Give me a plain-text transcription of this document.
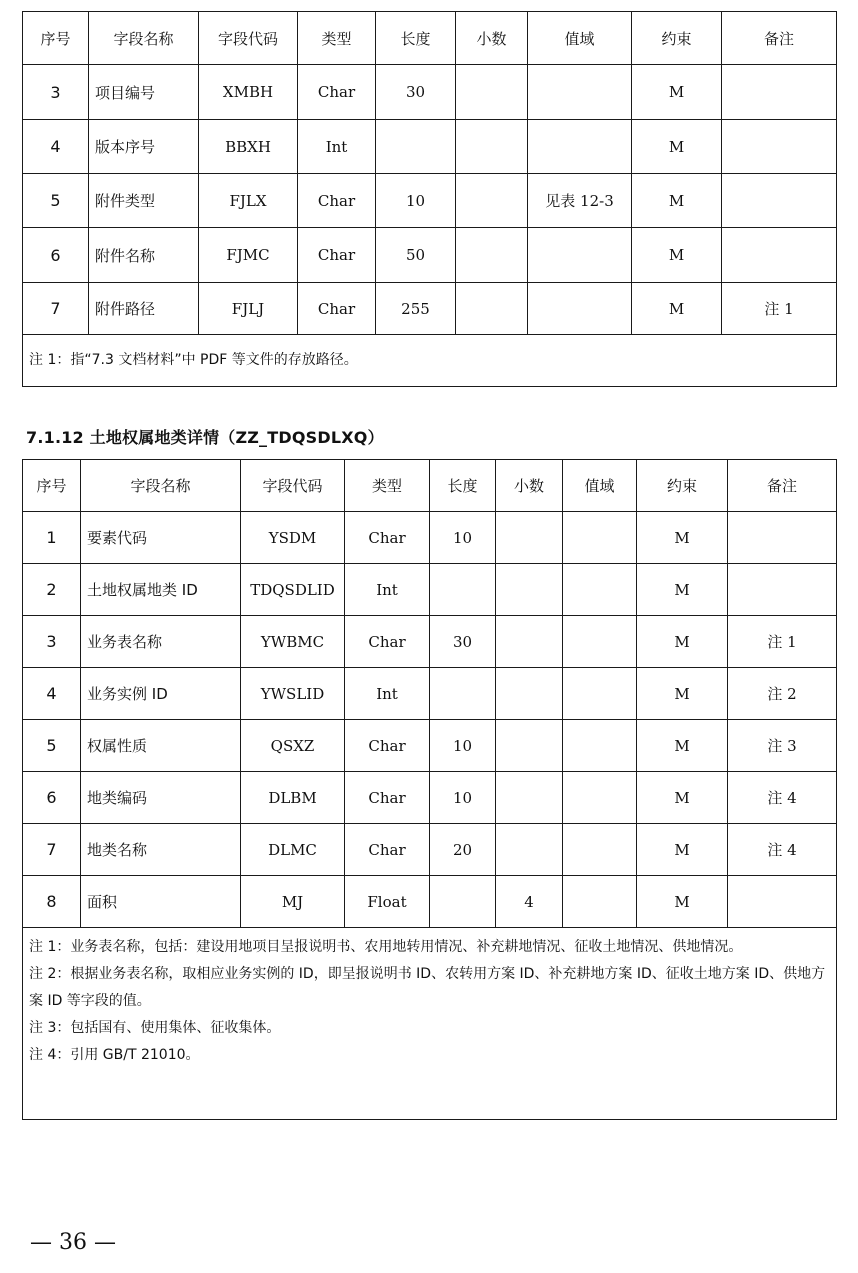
序号	字段名称	字段代码	类型	长度	小数	值域	约束	备注
3	项目编号	XMBH	Char	30			M	
4	版本序号	BBXH	Int				M	
5	附件类型	FJLX	Char	10		见表 12-3	M	
6	附件名称	FJMC	Char	50			M	
7	附件路径	FJLJ	Char	255			M	注 1

注 1：指“7.3 文档材料”中 PDF 等文件的存放路径。								
7.1.12 土地权属地类详情（ZZ_TDQSDLXQ）
序号	字段名称	字段代码	类型	长度	小数	值域	约束	备注
1	要素代码	YSDM	Char	10			M	
2	土地权属地类 ID	TDQSDLID	Int				M	
3	业务表名称	YWBMC	Char	30			M	注 1
4	业务实例 ID	YWSLID	Int				M	注 2
5	权属性质	QSXZ	Char	10			M	注 3
6	地类编码	DLBM	Char	10			M	注 4
7	地类名称	DLMC	Char	20			M	注 4
8	面积	MJ	Float		4		M	

注 1：业务表名称，包括：建设用地项目呈报说明书、农用地转用情况、补充耕地情况、征收土地情况、供地情况。
注 2：根据业务表名称，取相应业务实例的 ID，即呈报说明书 ID、农转用方案 ID、补充耕地方案 ID、征收土地方案 ID、供地方案 ID 等字段的值。
注 3：包括国有、使用集体、征收集体。
注 4：引用 GB/T 21010。								
— 36 —
